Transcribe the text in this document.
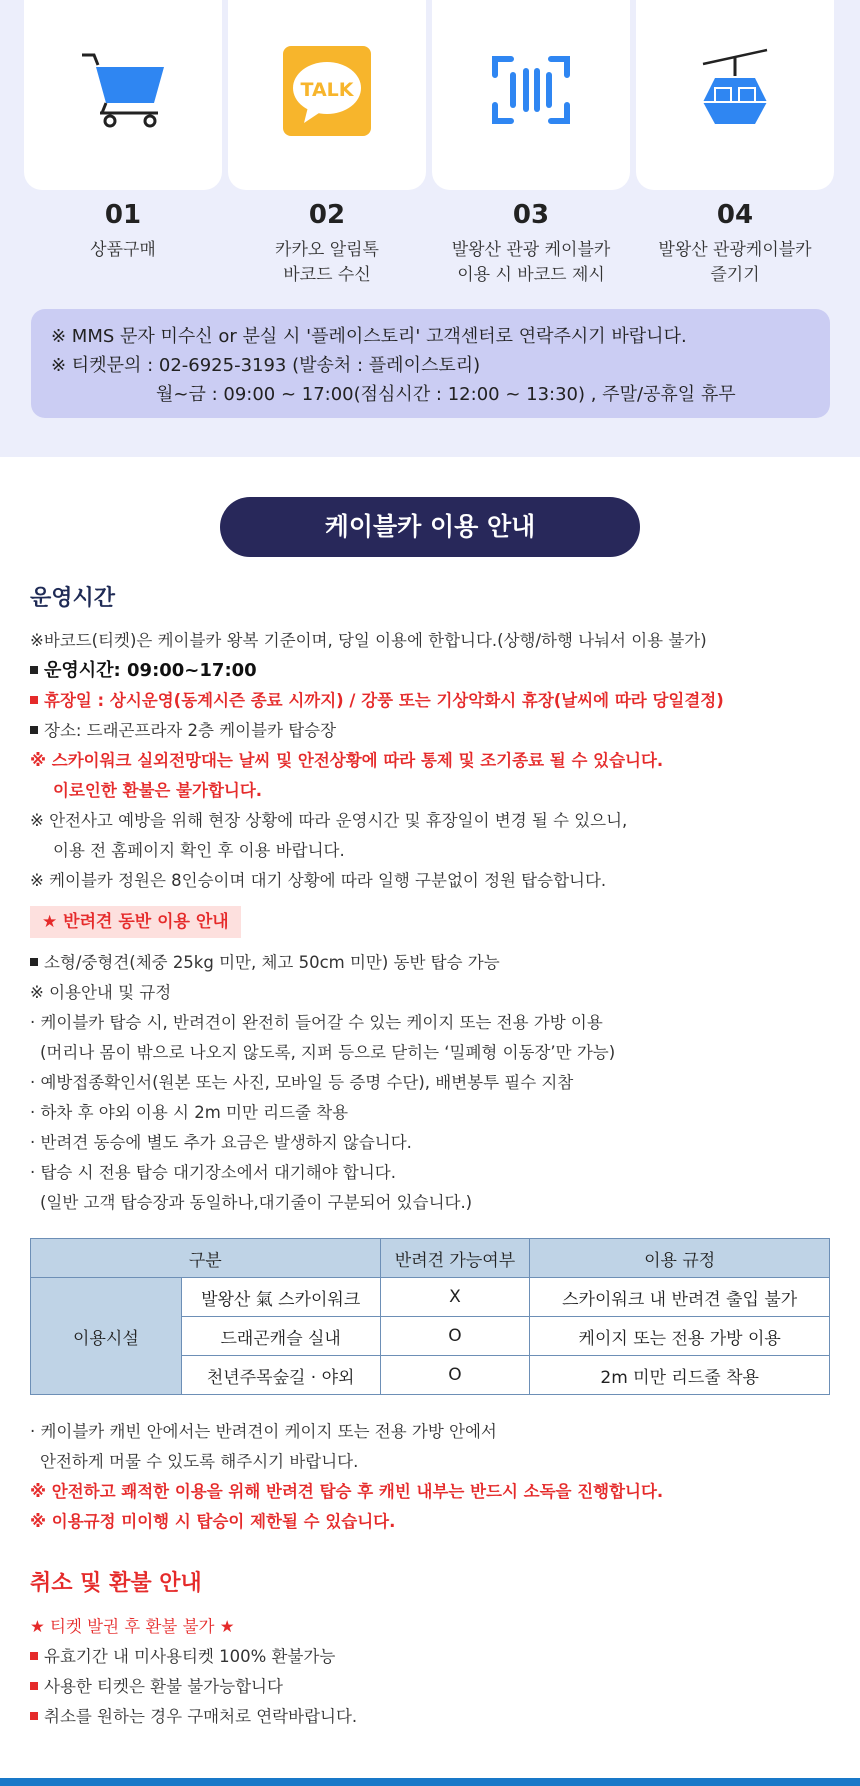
01
상품구매
TALK
02
카카오 알림톡
바코드 수신
03
발왕산 관광 케이블카
이용 시 바코드 제시
04
발왕산 관광케이블카
즐기기
※ MMS 문자 미수신 or 분실 시 '플레이스토리' 고객센터로 연락주시기 바랍니다.
※ 티켓문의 : 02-6925-3193 (발송처 : 플레이스토리)
월~금 : 09:00 ~ 17:00(점심시간 : 12:00 ~ 13:30) , 주말/공휴일 휴무
케이블카 이용 안내
운영시간
※바코드(티켓)은 케이블카 왕복 기준이며, 당일 이용에 한합니다.(상행/하행 나눠서 이용 불가)
운영시간: 09:00~17:00
휴장일 : 상시운영(동계시즌 종료 시까지) / 강풍 또는 기상악화시 휴장(날씨에 따라 당일결정)
장소: 드래곤프라자 2층 케이블카 탑승장
※ 스카이워크 실외전망대는 날씨 및 안전상황에 따라 통제 및 조기종료 될 수 있습니다.
이로인한 환불은 불가합니다.
※ 안전사고 예방을 위해 현장 상황에 따라 운영시간 및 휴장일이 변경 될 수 있으니,
이용 전 홈페이지 확인 후 이용 바랍니다.
※ 케이블카 정원은 8인승이며 대기 상황에 따라 일행 구분없이 정원 탑승합니다.
★ 반려견 동반 이용 안내
소형/중형견(체중 25kg 미만, 체고 50cm 미만) 동반 탑승 가능
※ 이용안내 및 규정
· 케이블카 탑승 시, 반려견이 완전히 들어갈 수 있는 케이지 또는 전용 가방 이용
(머리나 몸이 밖으로 나오지 않도록, 지퍼 등으로 닫히는 ‘밀폐형 이동장’만 가능)
· 예방접종확인서(원본 또는 사진, 모바일 등 증명 수단), 배변봉투 필수 지참
· 하차 후 야외 이용 시 2m 미만 리드줄 착용
· 반려견 동승에 별도 추가 요금은 발생하지 않습니다.
· 탑승 시 전용 탑승 대기장소에서 대기해야 합니다.
(일반 고객 탑승장과 동일하나,대기줄이 구분되어 있습니다.)
구분		반려견 가능여부	이용 규정
이용시설	발왕산 氣 스카이워크	X	스카이워크 내 반려견 출입 불가
	드래곤캐슬 실내	O	케이지 또는 전용 가방 이용
	천년주목숲길 · 야외	O	2m 미만 리드줄 착용
· 케이블카 캐빈 안에서는 반려견이 케이지 또는 전용 가방 안에서
안전하게 머물 수 있도록 해주시기 바랍니다.
※ 안전하고 쾌적한 이용을 위해 반려견 탑승 후 캐빈 내부는 반드시 소독을 진행합니다.
※ 이용규정 미이행 시 탑승이 제한될 수 있습니다.
취소 및 환불 안내
★ 티켓 발권 후 환불 불가 ★
유효기간 내 미사용티켓 100% 환불가능
사용한 티켓은 환불 불가능합니다
취소를 원하는 경우 구매처로 연락바랍니다.
